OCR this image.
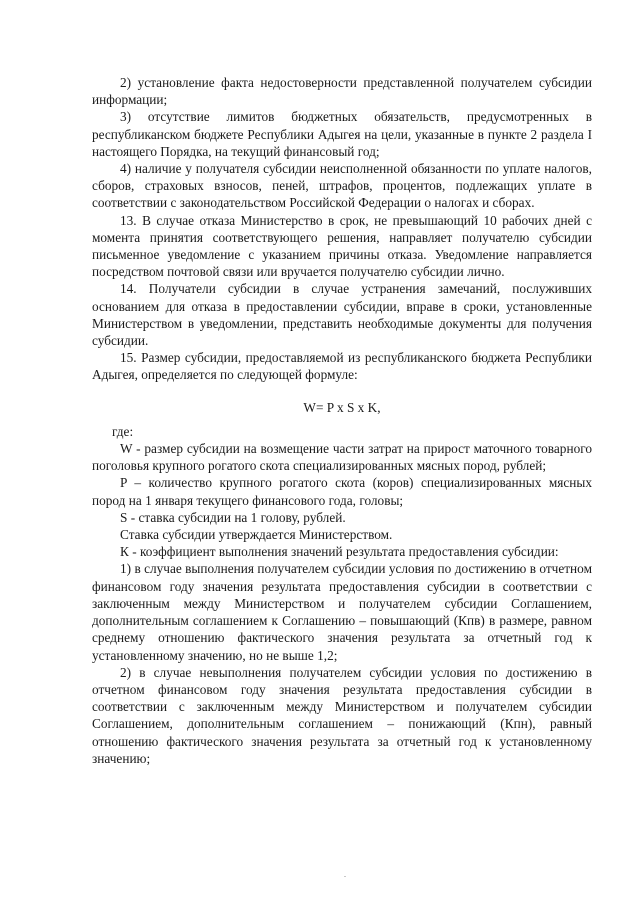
2) установление факта недостоверности представленной получателем субсидии информации;

3) отсутствие лимитов бюджетных обязательств, предусмотренных в республиканском бюджете Республики Адыгея на цели, указанные в пункте 2 раздела I настоящего Порядка, на текущий финансовый год;

4) наличие у получателя субсидии неисполненной обязанности по уплате налогов, сборов, страховых взносов, пеней, штрафов, процентов, подлежащих уплате в соответствии с законодательством Российской Федерации о налогах и сборах.

13. В случае отказа Министерство в срок, не превышающий 10 рабочих дней с момента принятия соответствующего решения, направляет получателю субсидии письменное уведомление с указанием причины отказа. Уведомление направляется посредством почтовой связи или вручается получателю субсидии лично.

14. Получатели субсидии в случае устранения замечаний, послуживших основанием для отказа в предоставлении субсидии, вправе в сроки, установленные Министерством в уведомлении, представить необходимые документы для получения субсидии.

15. Размер субсидии, предоставляемой из республиканского бюджета Республики Адыгея, определяется по следующей формуле:

W= P x S x K,

где:

W - размер субсидии на возмещение части затрат на прирост маточного товарного поголовья крупного рогатого скота специализированных мясных пород, рублей;

P – количество крупного рогатого скота (коров) специализированных мясных пород на 1 января текущего финансового года, головы;

S - ставка субсидии на 1 голову, рублей.

Ставка субсидии утверждается Министерством.

К - коэффициент выполнения значений результата предоставления субсидии:

1) в случае выполнения получателем субсидии условия по достижению в отчетном финансовом году значения результата предоставления субсидии в соответствии с заключенным между Министерством и получателем субсидии Соглашением, дополнительным соглашением к Соглашению – повышающий (Кпв) в размере, равном среднему отношению фактического значения результата за отчетный год к установленному значению, но не выше 1,2;

2) в случае невыполнения получателем субсидии условия по достижению в отчетном финансовом году значения результата предоставления субсидии в соответствии с заключенным между Министерством и получателем субсидии Соглашением, дополнительным соглашением – понижающий (Кпн), равный отношению фактического значения результата за отчетный год к установленному значению;
